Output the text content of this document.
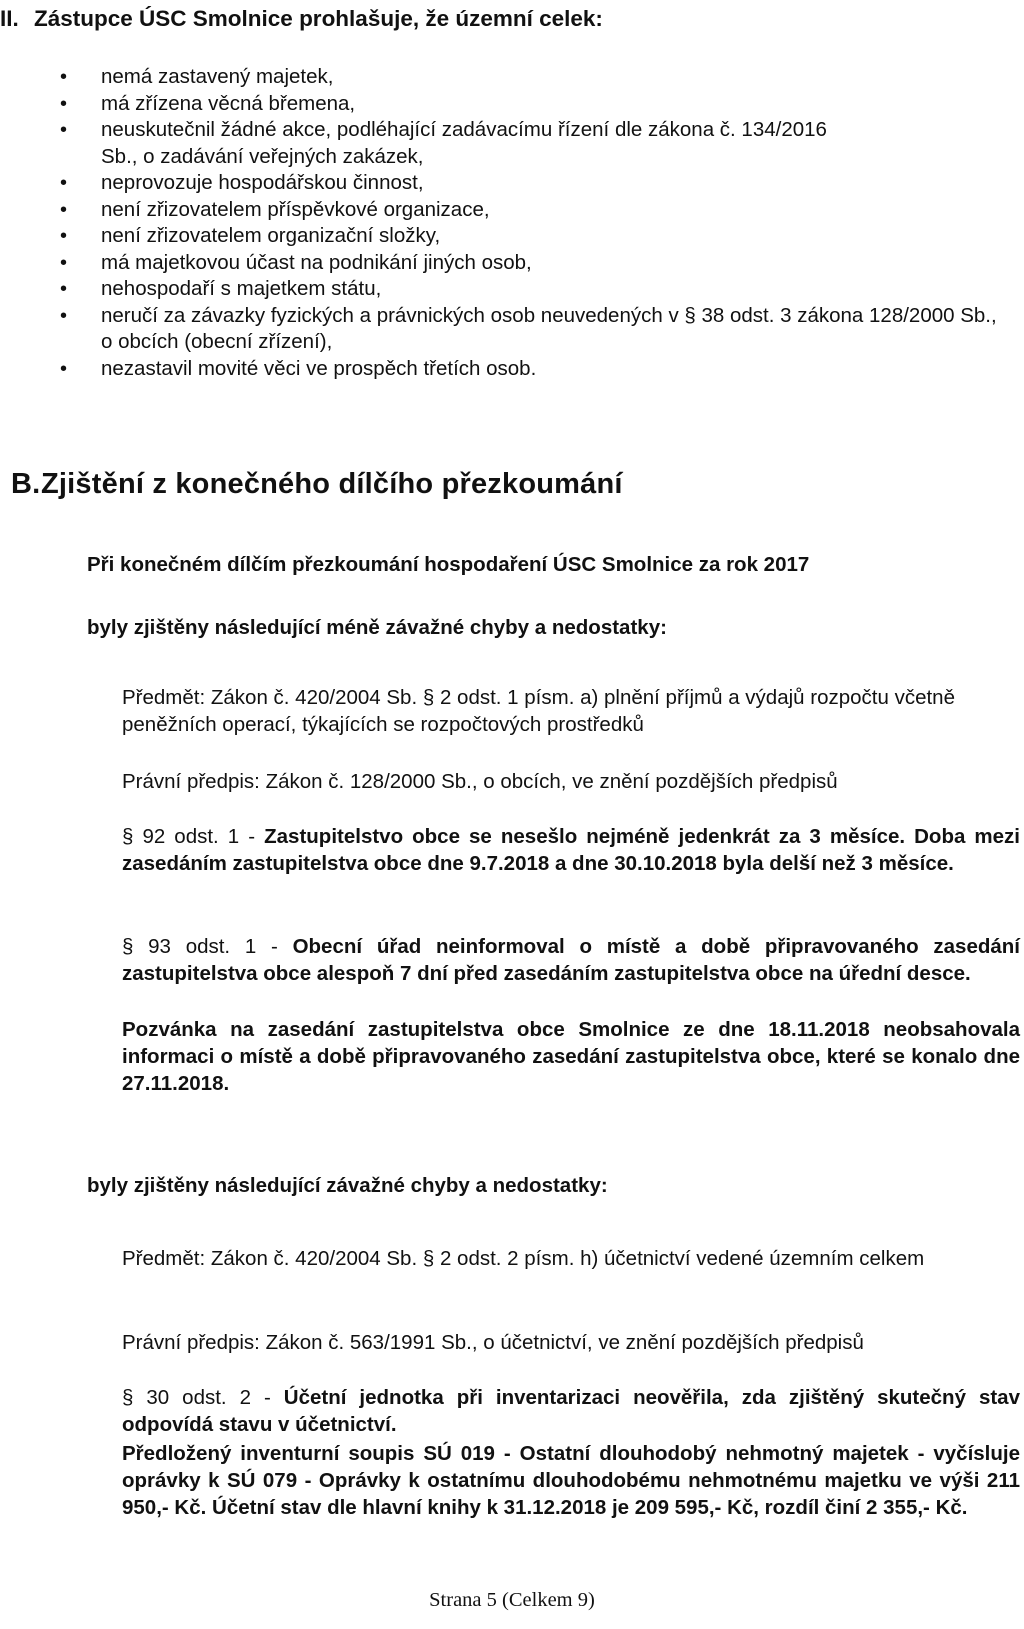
II. Zástupce ÚSC Smolnice prohlašuje, že územní celek:
• nemá zastavený majetek,
• má zřízena věcná břemena,
• neuskutečnil žádné akce, podléhající zadávacímu řízení dle zákona č. 134/2016 Sb., o zadávání veřejných zakázek,
• neprovozuje hospodářskou činnost,
• není zřizovatelem příspěvkové organizace,
• není zřizovatelem organizační složky,
• má majetkovou účast na podnikání jiných osob,
• nehospodaří s majetkem státu,
• neručí za závazky fyzických a právnických osob neuvedených v § 38 odst. 3 zákona 128/2000 Sb., o obcích (obecní zřízení),
• nezastavil movité věci ve prospěch třetích osob.
B.Zjištění z konečného dílčího přezkoumání
Při konečném dílčím přezkoumání hospodaření ÚSC Smolnice za rok 2017
byly zjištěny následující méně závažné chyby a nedostatky:
Předmět: Zákon č. 420/2004 Sb. § 2 odst. 1 písm. a) plnění příjmů a výdajů rozpočtu včetně peněžních operací, týkajících se rozpočtových prostředků
Právní předpis: Zákon č. 128/2000 Sb., o obcích, ve znění pozdějších předpisů
§ 92 odst. 1 - Zastupitelstvo obce se nesešlo nejméně jedenkrát za 3 měsíce. Doba mezi zasedáním zastupitelstva obce dne 9.7.2018 a dne 30.10.2018 byla delší než 3 měsíce.
§ 93 odst. 1 - Obecní úřad neinformoval o místě a době připravovaného zasedání zastupitelstva obce alespoň 7 dní před zasedáním zastupitelstva obce na úřední desce.
Pozvánka na zasedání zastupitelstva obce Smolnice ze dne 18.11.2018 neobsahovala informaci o místě a době připravovaného zasedání zastupitelstva obce, které se konalo dne 27.11.2018.
byly zjištěny následující závažné chyby a nedostatky:
Předmět: Zákon č. 420/2004 Sb. § 2 odst. 2 písm. h) účetnictví vedené územním celkem
Právní předpis: Zákon č. 563/1991 Sb., o účetnictví, ve znění pozdějších předpisů
§ 30 odst. 2 - Účetní jednotka při inventarizaci neověřila, zda zjištěný skutečný stav odpovídá stavu v účetnictví.
Předložený inventurní soupis SÚ 019 - Ostatní dlouhodobý nehmotný majetek - vyčísluje oprávky k SÚ 079 - Oprávky k ostatnímu dlouhodobému nehmotnému majetku ve výši 211 950,- Kč. Účetní stav dle hlavní knihy k 31.12.2018 je 209 595,- Kč, rozdíl činí 2 355,- Kč.
Strana 5 (Celkem 9)
